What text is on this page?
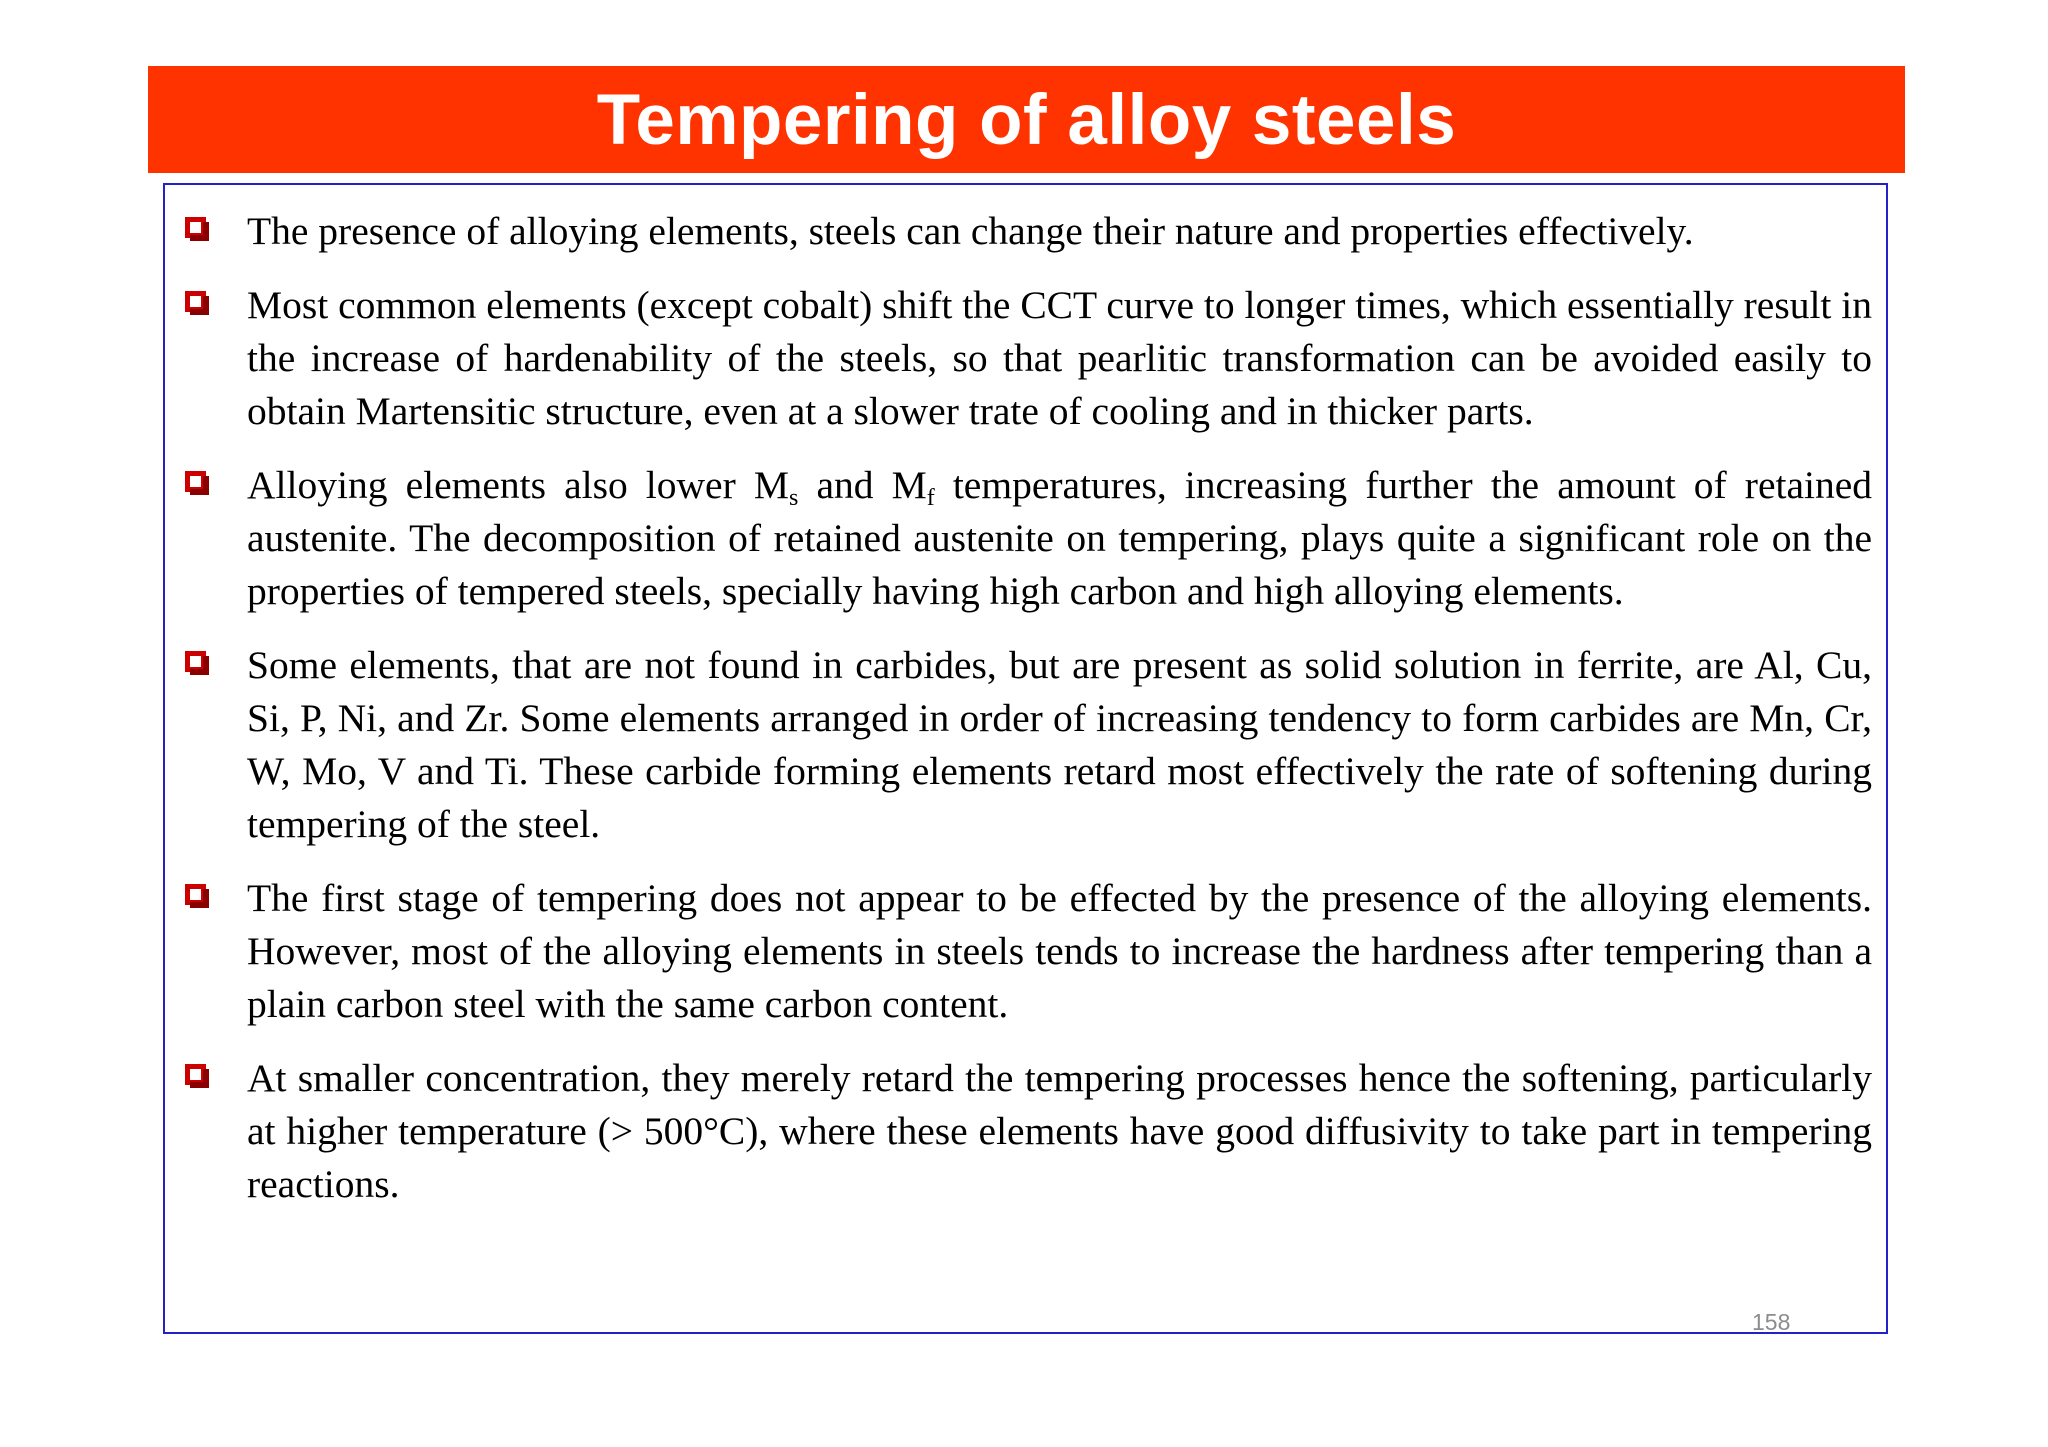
Tempering of alloy steels
The presence of alloying elements, steels can change their nature and properties effectively.
Most common elements (except cobalt) shift the CCT curve to longer times, which essentially result in the increase of hardenability of the steels, so that pearlitic transformation can be avoided easily to obtain Martensitic structure, even at a slower trate of cooling and in thicker parts.
Alloying elements also lower $M_s$ and $M_f$ temperatures, increasing further the amount of retained austenite. The decomposition of retained austenite on tempering, plays quite a significant role on the properties of tempered steels, specially having high carbon and high alloying elements.
Some elements, that are not found in carbides, but are present as solid solution in ferrite, are Al, Cu, Si, P, Ni, and Zr. Some elements arranged in order of increasing tendency to form carbides are Mn, Cr, W, Mo, V and Ti. These carbide forming elements retard most effectively the rate of softening during tempering of the steel.
The first stage of tempering does not appear to be effected by the presence of the alloying elements. However, most of the alloying elements in steels tends to increase the hardness after tempering than a plain carbon steel with the same carbon content.
At smaller concentration, they merely retard the tempering processes hence the softening, particularly at higher temperature (> 500°C), where these elements have good diffusivity to take part in tempering reactions.
158
